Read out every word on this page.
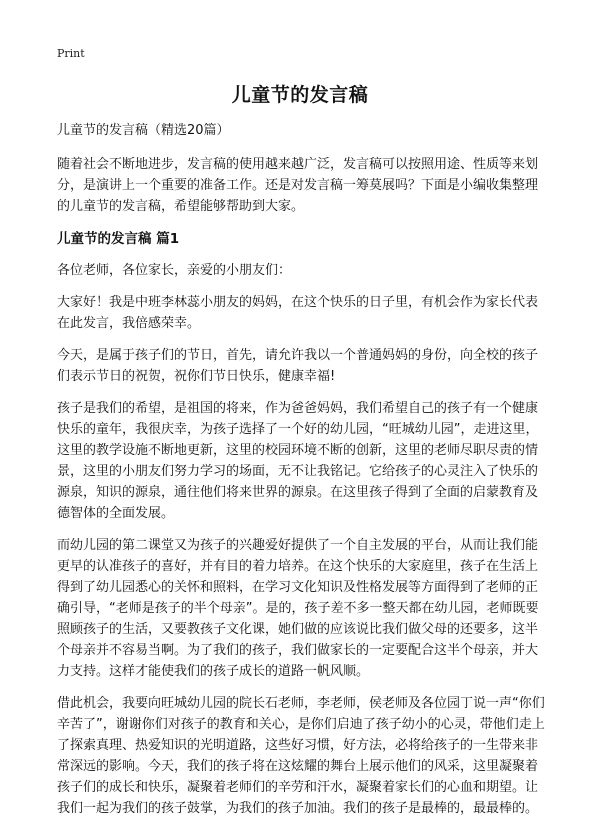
Print
儿童节的发言稿

儿童节的发言稿（精选20篇）

随着社会不断地进步，发言稿的使用越来越广泛，发言稿可以按照用途、性质等来划分，是演讲上一个重要的准备工作。还是对发言稿一筹莫展吗？下面是小编收集整理的儿童节的发言稿，希望能够帮助到大家。

儿童节的发言稿 篇1

各位老师，各位家长，亲爱的小朋友们：

大家好！我是中班李林蕊小朋友的妈妈，在这个快乐的日子里，有机会作为家长代表在此发言，我倍感荣幸。

今天，是属于孩子们的节日，首先，请允许我以一个普通妈妈的身份，向全校的孩子们表示节日的祝贺，祝你们节日快乐，健康幸福!

孩子是我们的希望，是祖国的将来，作为爸爸妈妈，我们希望自己的孩子有一个健康快乐的童年，我很庆幸，为孩子选择了一个好的幼儿园，“旺城幼儿园”，走进这里，这里的教学设施不断地更新，这里的校园环境不断的创新，这里的老师尽职尽责的情景，这里的小朋友们努力学习的场面，无不让我铭记。它给孩子的心灵注入了快乐的源泉，知识的源泉，通往他们将来世界的源泉。在这里孩子得到了全面的启蒙教育及德智体的全面发展。

而幼儿园的第二课堂又为孩子的兴趣爱好提供了一个自主发展的平台，从而让我们能更早的认准孩子的喜好，并有目的着力培养。在这个快乐的大家庭里，孩子在生活上得到了幼儿园悉心的关怀和照料，在学习文化知识及性格发展等方面得到了老师的正确引导，“老师是孩子的半个母亲”。是的，孩子差不多一整天都在幼儿园，老师既要照顾孩子的生活，又要教孩子文化课，她们做的应该说比我们做父母的还要多，这半个母亲并不容易当啊。为了我们的孩子，我们做家长的一定要配合这半个母亲，并大力支持。这样才能使我们的孩子成长的道路一帆风顺。

借此机会，我要向旺城幼儿园的院长石老师，李老师，侯老师及各位园丁说一声“你们辛苦了”，谢谢你们对孩子的教育和关心，是你们启迪了孩子幼小的心灵，带他们走上了探索真理、热爱知识的光明道路，这些好习惯，好方法，必将给孩子的一生带来非常深远的影响。今天，我们的孩子将在这炫耀的舞台上展示他们的风采，这里凝聚着孩子们的成长和快乐，凝聚着老师们的辛劳和汗水，凝聚着家长们的心血和期望。让我们一起为我们的孩子鼓掌，为我们的孩子加油。我们的孩子是最棒的，最最棒的。
